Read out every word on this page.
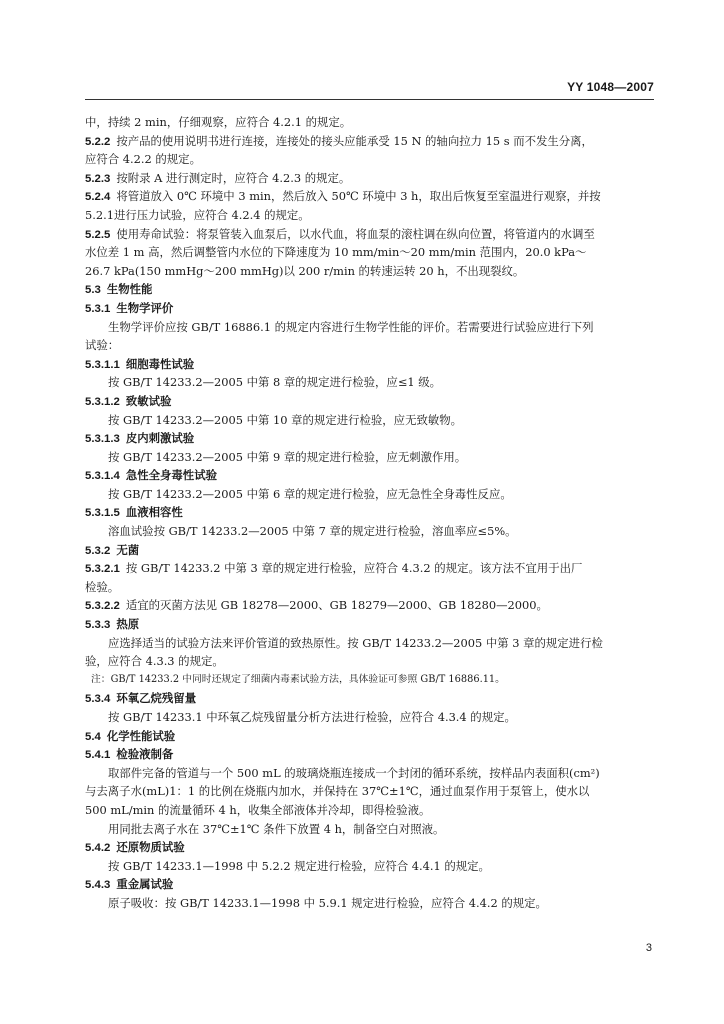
YY 1048—2007
中，持续 2 min，仔细观察，应符合 4.2.1 的规定。
5.2.2 按产品的使用说明书进行连接，连接处的接头应能承受 15 N 的轴向拉力 15 s 而不发生分离，
应符合 4.2.2 的规定。
5.2.3 按附录 A 进行测定时，应符合 4.2.3 的规定。
5.2.4 将管道放入 0℃ 环境中 3 min，然后放入 50℃ 环境中 3 h，取出后恢复至室温进行观察，并按
5.2.1进行压力试验，应符合 4.2.4 的规定。
5.2.5 使用寿命试验：将泵管装入血泵后，以水代血，将血泵的滚柱调在纵向位置，将管道内的水调至
水位差 1 m 高，然后调整管内水位的下降速度为 10 mm/min～20 mm/min 范围内，20.0 kPa～
26.7 kPa(150 mmHg～200 mmHg)以 200 r/min 的转速运转 20 h，不出现裂纹。
5.3 生物性能
5.3.1 生物学评价
生物学评价应按 GB/T 16886.1 的规定内容进行生物学性能的评价。若需要进行试验应进行下列
试验：
5.3.1.1 细胞毒性试验
按 GB/T 14233.2—2005 中第 8 章的规定进行检验，应≤1 级。
5.3.1.2 致敏试验
按 GB/T 14233.2—2005 中第 10 章的规定进行检验，应无致敏物。
5.3.1.3 皮内刺激试验
按 GB/T 14233.2—2005 中第 9 章的规定进行检验，应无刺激作用。
5.3.1.4 急性全身毒性试验
按 GB/T 14233.2—2005 中第 6 章的规定进行检验，应无急性全身毒性反应。
5.3.1.5 血液相容性
溶血试验按 GB/T 14233.2—2005 中第 7 章的规定进行检验，溶血率应≤5%。
5.3.2 无菌
5.3.2.1 按 GB/T 14233.2 中第 3 章的规定进行检验，应符合 4.3.2 的规定。该方法不宜用于出厂
检验。
5.3.2.2 适宜的灭菌方法见 GB 18278—2000、GB 18279—2000、GB 18280—2000。
5.3.3 热原
应选择适当的试验方法来评价管道的致热原性。按 GB/T 14233.2—2005 中第 3 章的规定进行检
验，应符合 4.3.3 的规定。
注：GB/T 14233.2 中同时还规定了细菌内毒素试验方法，具体验证可参照 GB/T 16886.11。
5.3.4 环氧乙烷残留量
按 GB/T 14233.1 中环氧乙烷残留量分析方法进行检验，应符合 4.3.4 的规定。
5.4 化学性能试验
5.4.1 检验液制备
取部件完备的管道与一个 500 mL 的玻璃烧瓶连接成一个封闭的循环系统，按样品内表面积(cm²)
与去离子水(mL)1：1 的比例在烧瓶内加水，并保持在 37℃±1℃，通过血泵作用于泵管上，使水以
500 mL/min 的流量循环 4 h，收集全部液体并冷却，即得检验液。
用同批去离子水在 37℃±1℃ 条件下放置 4 h，制备空白对照液。
5.4.2 还原物质试验
按 GB/T 14233.1—1998 中 5.2.2 规定进行检验，应符合 4.4.1 的规定。
5.4.3 重金属试验
原子吸收：按 GB/T 14233.1—1998 中 5.9.1 规定进行检验，应符合 4.4.2 的规定。
3
